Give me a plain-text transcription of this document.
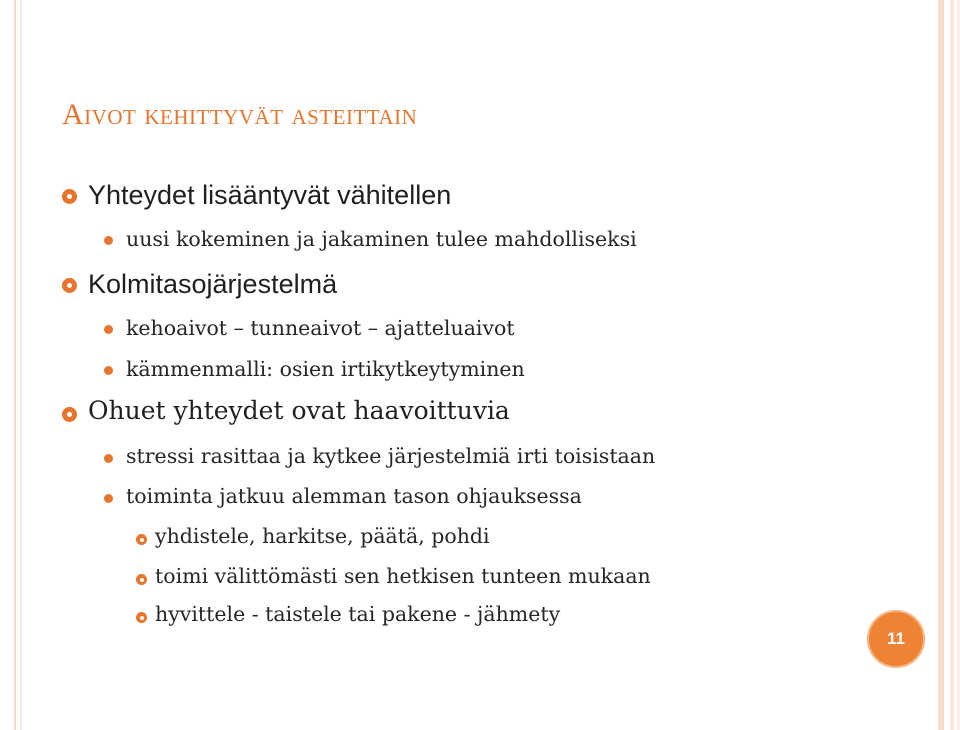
Aivot kehittyvät asteittain
Yhteydet lisääntyvät vähitellen
uusi kokeminen ja jakaminen tulee mahdolliseksi
Kolmitasojärjestelmä
kehoaivot – tunneaivot – ajatteluaivot
kämmenmalli: osien irtikytkeytyminen
Ohuet yhteydet ovat haavoittuvia
stressi rasittaa ja kytkee järjestelmiä irti toisistaan
toiminta jatkuu alemman tason ohjauksessa
yhdistele, harkitse, päätä, pohdi
toimi välittömästi sen hetkisen tunteen mukaan
hyvittele - taistele tai pakene - jähmety
11
